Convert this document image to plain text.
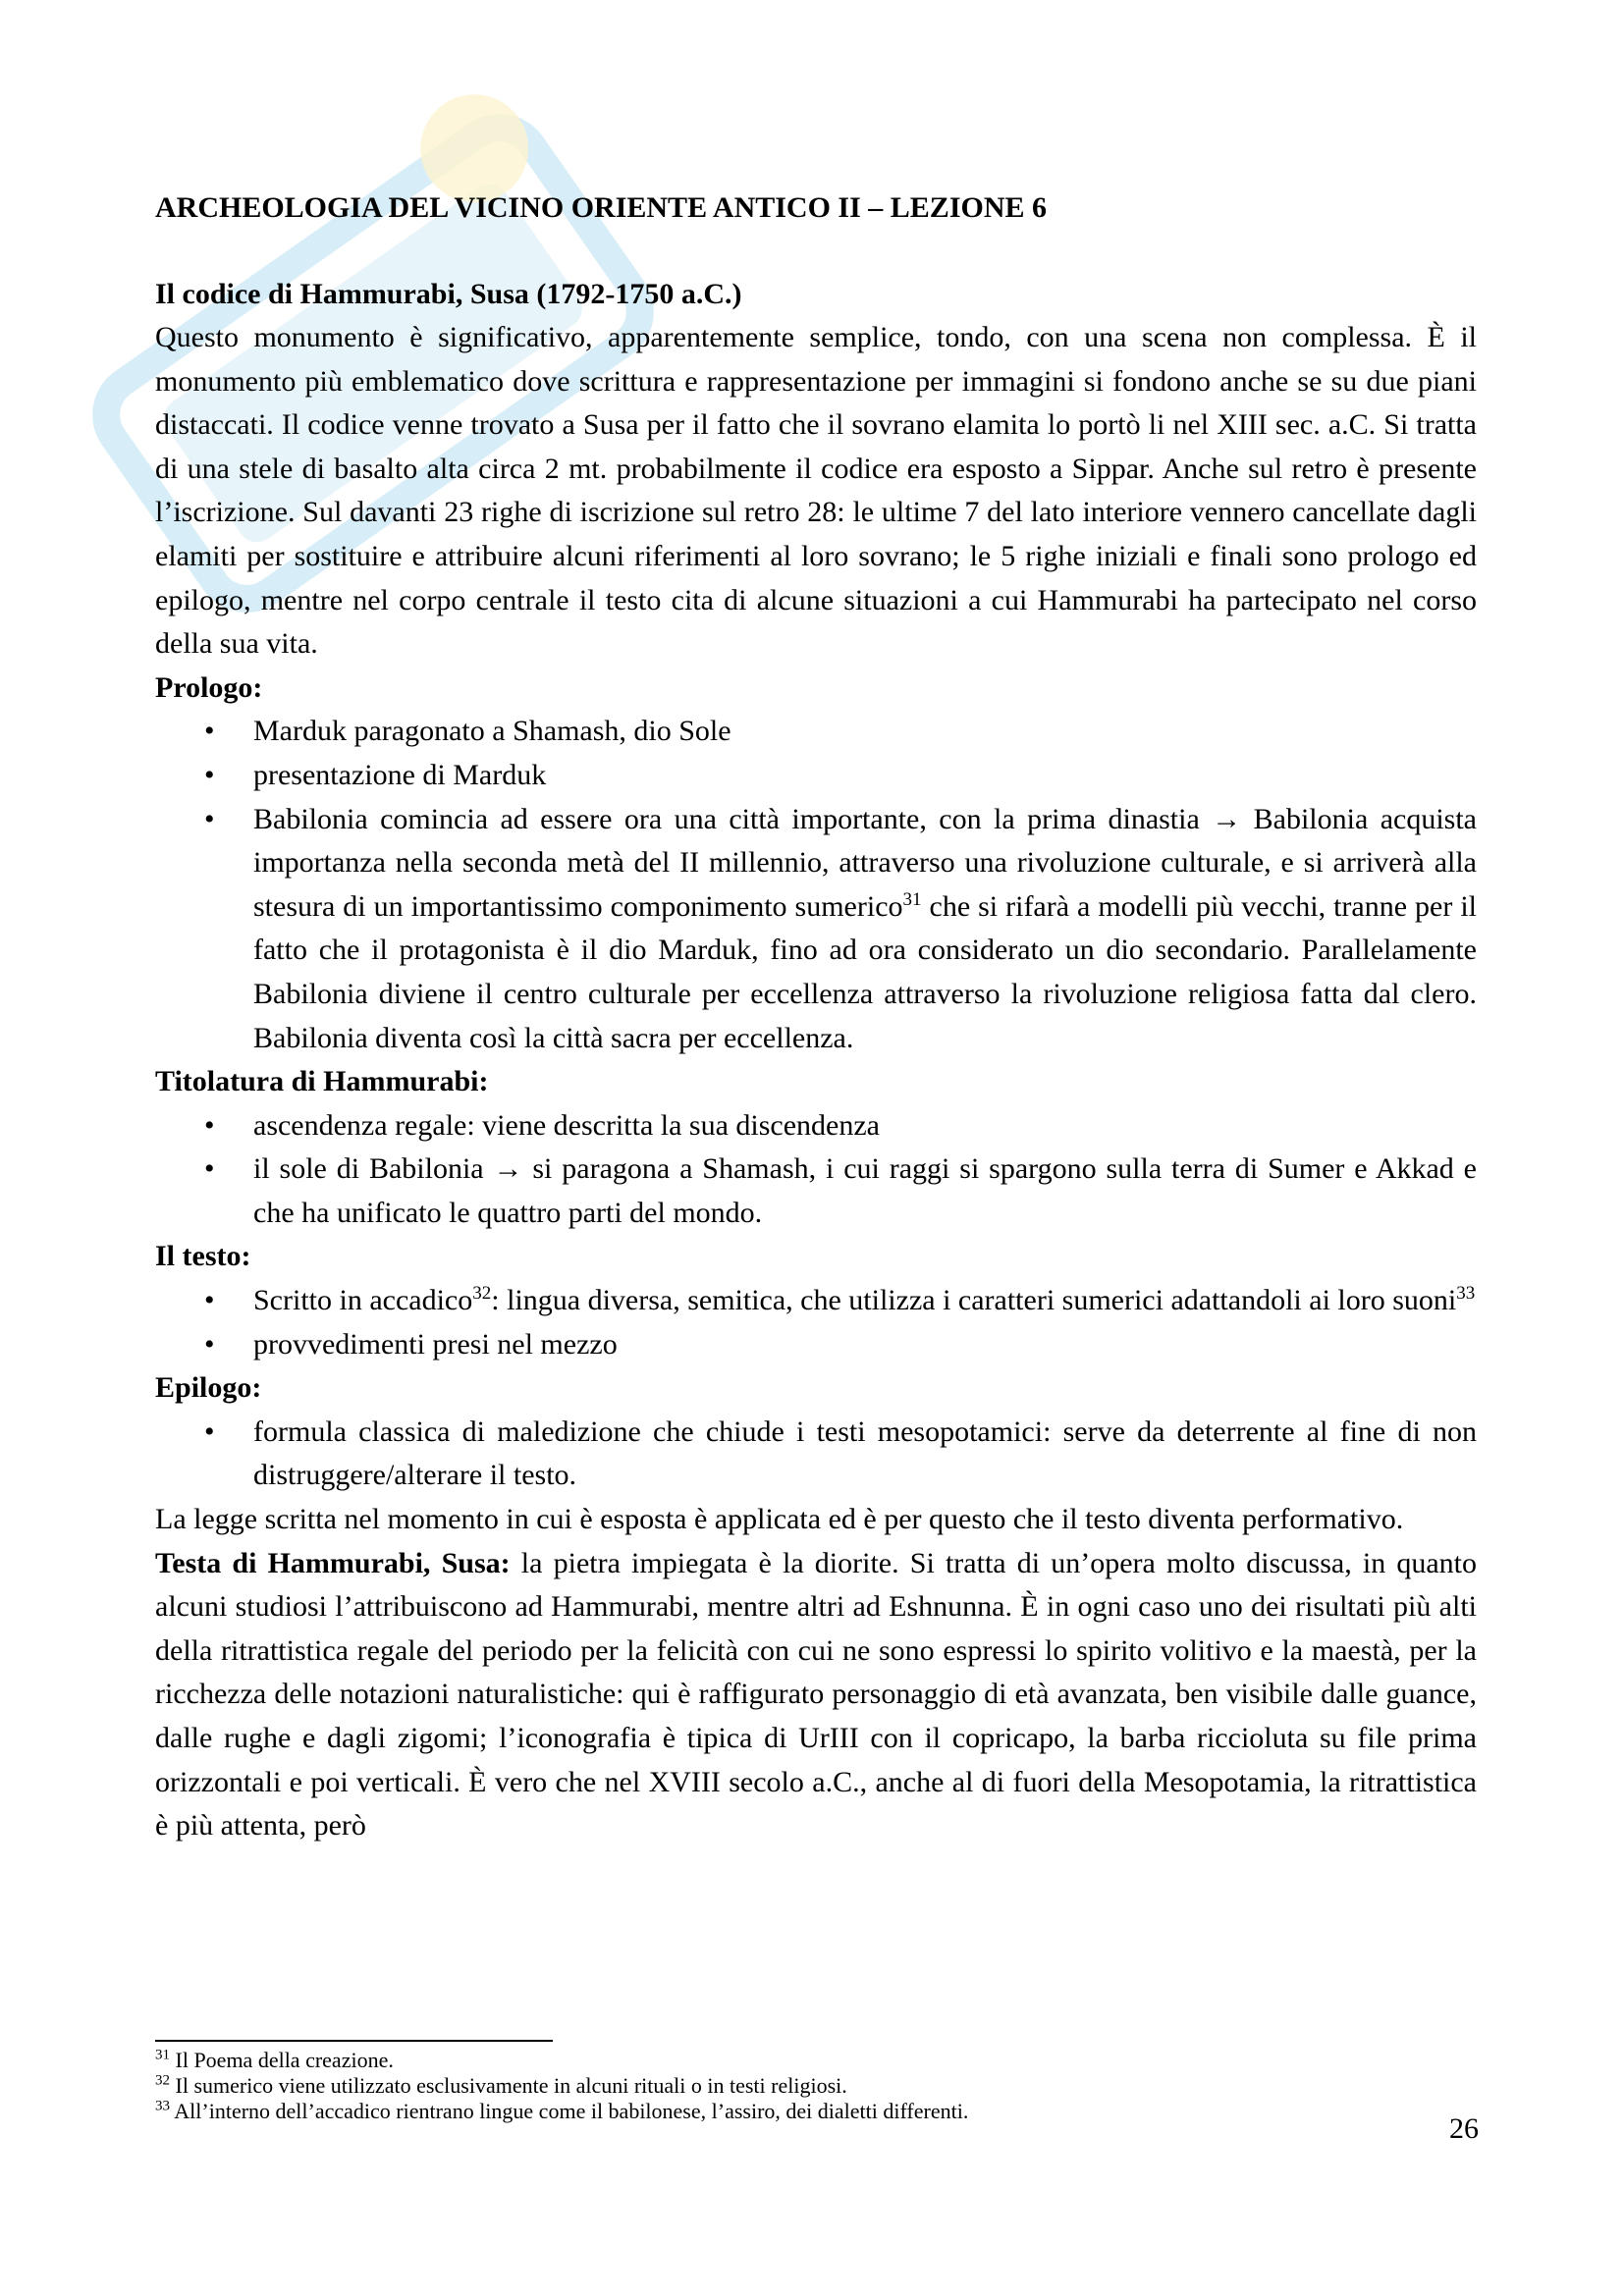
ARCHEOLOGIA DEL VICINO ORIENTE ANTICO II – LEZIONE 6

Il codice di Hammurabi, Susa (1792-1750 a.C.)

Questo monumento è significativo, apparentemente semplice, tondo, con una scena non complessa. È il monumento più emblematico dove scrittura e rappresentazione per immagini si fondono anche se su due piani distaccati. Il codice venne trovato a Susa per il fatto che il sovrano elamita lo portò li nel XIII sec. a.C. Si tratta di una stele di basalto alta circa 2 mt. probabilmente il codice era esposto a Sippar. Anche sul retro è presente l’iscrizione. Sul davanti 23 righe di iscrizione sul retro 28: le ultime 7 del lato interiore vennero cancellate dagli elamiti per sostituire e attribuire alcuni riferimenti al loro sovrano; le 5 righe iniziali e finali sono prologo ed epilogo, mentre nel corpo centrale il testo cita di alcune situazioni a cui Hammurabi ha partecipato nel corso della sua vita.

Prologo:

• Marduk paragonato a Shamash, dio Sole
• presentazione di Marduk
• Babilonia comincia ad essere ora una città importante, con la prima dinastia → Babilonia acquista importanza nella seconda metà del II millennio, attraverso una rivoluzione culturale, e si arriverà alla stesura di un importantissimo componimento sumerico$^{31}$ che si rifarà a modelli più vecchi, tranne per il fatto che il protagonista è il dio Marduk, fino ad ora considerato un dio secondario. Parallelamente Babilonia diviene il centro culturale per eccellenza attraverso la rivoluzione religiosa fatta dal clero. Babilonia diventa così la città sacra per eccellenza.

Titolatura di Hammurabi:

• ascendenza regale: viene descritta la sua discendenza
• il sole di Babilonia → si paragona a Shamash, i cui raggi si spargono sulla terra di Sumer e Akkad e che ha unificato le quattro parti del mondo.

Il testo:

• Scritto in accadico$^{32}$: lingua diversa, semitica, che utilizza i caratteri sumerici adattandoli ai loro suoni$^{33}$
• provvedimenti presi nel mezzo

Epilogo:

• formula classica di maledizione che chiude i testi mesopotamici: serve da deterrente al fine di non distruggere/alterare il testo.

La legge scritta nel momento in cui è esposta è applicata ed è per questo che il testo diventa performativo.

Testa di Hammurabi, Susa: la pietra impiegata è la diorite. Si tratta di un’opera molto discussa, in quanto alcuni studiosi l’attribuiscono ad Hammurabi, mentre altri ad Eshnunna. È in ogni caso uno dei risultati più alti della ritrattistica regale del periodo per la felicità con cui ne sono espressi lo spirito volitivo e la maestà, per la ricchezza delle notazioni naturalistiche: qui è raffigurato personaggio di età avanzata, ben visibile dalle guance, dalle rughe e dagli zigomi; l’iconografia è tipica di UrIII con il copricapo, la barba riccioluta su file prima orizzontali e poi verticali. È vero che nel XVIII secolo a.C., anche al di fuori della Mesopotamia, la ritrattistica è più attenta, però

$^{31}$ Il Poema della creazione.

$^{32}$ Il sumerico viene utilizzato esclusivamente in alcuni rituali o in testi religiosi.

$^{33}$ All’interno dell’accadico rientrano lingue come il babilonese, l’assiro, dei dialetti differenti.

26
